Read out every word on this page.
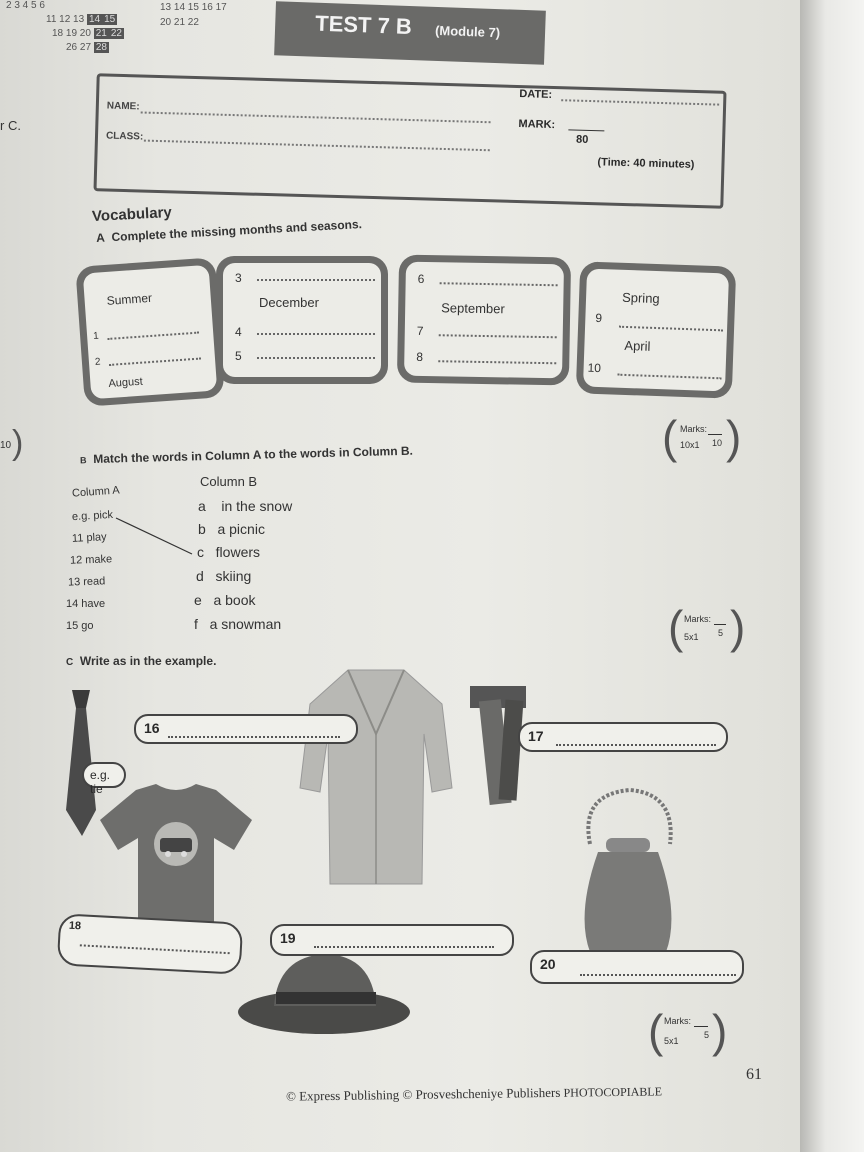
2 3 4 5 6
11 12 13 14 15
18 19 20 21 22
26 27 28
13 14 15 16 17
20 21 22
r C.
10 )
TEST 7 B (Module 7)
NAME:
CLASS:
DATE:
MARK:
80
(Time: 40 minutes)
Vocabulary
A Complete the missing months and seasons.
Summer
1
2
August
3
December
4
5
6
September
7
8
Spring
9
April
10
( Marks:
10x1 10 )
B Match the words in Column A to the words in Column B.
Column A
Column B
e.g. pick
11 play
12 make
13 read
14 have
15 go
a in the snow
b a picnic
c flowers
d skiing
e a book
f a snowman	( Marks:
5x1 5 )
C Write as in the example.
e.g. tie
16	17
18
19
20
( Marks:
5x1
5 )
61
© Express Publishing © Prosveshcheniye Publishers PHOTOCOPIABLE
